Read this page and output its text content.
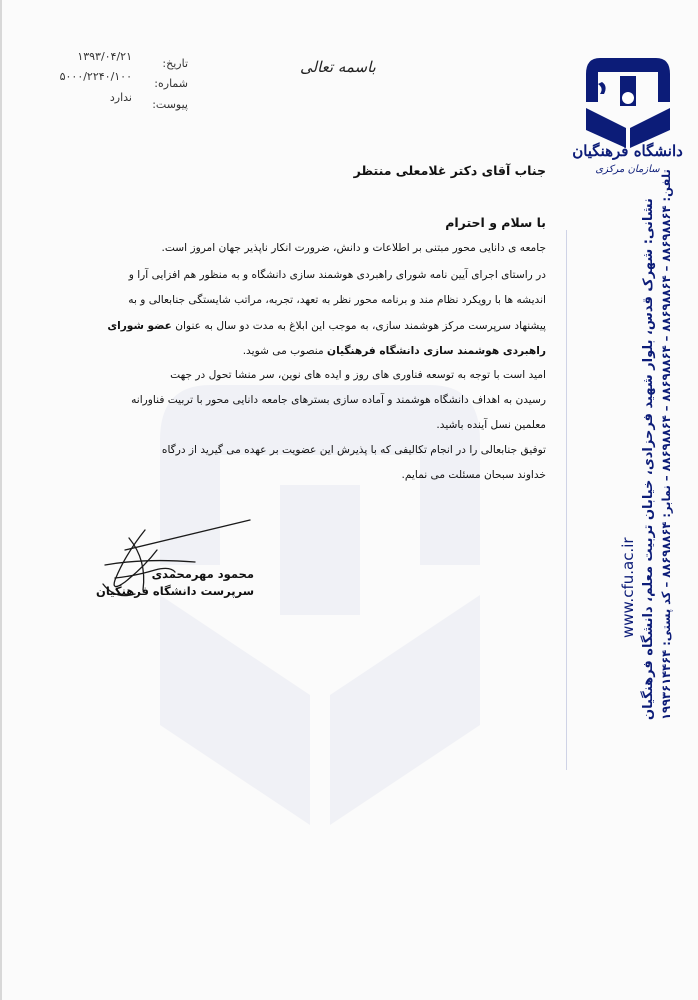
دانشگاه فرهنگیان
سازمان مرکزی
باسمه تعالی
تاریخ:
۱۳۹۳/۰۴/۲۱
شماره:
۵۰۰۰/۲۲۴۰/۱۰۰
پیوست:
ندارد
جناب آقای دکتر غلامعلی منتظر
با سلام و احترام
جامعه ی دانایی محور مبتنی بر اطلاعات و دانش، ضرورت انکار ناپذیر جهان امروز است.
در راستای اجرای آیین نامه شورای راهبردی هوشمند سازی دانشگاه و به منظور هم افزایی آرا و
اندیشه ها با رویکرد نظام مند و برنامه محور نظر به تعهد، تجربه، مراتب شایستگی جنابعالی و به
پیشنهاد سرپرست مرکز هوشمند سازی، به موجب این ابلاغ به مدت دو سال به عنوان عضو شورای
راهبردی هوشمند سازی دانشگاه فرهنگیان منصوب می شوید.
امید است با توجه به توسعه فناوری های روز و ایده های نوین، سر منشا تحول در جهت
رسیدن به اهداف دانشگاه هوشمند و آماده سازی بسترهای جامعه دانایی محور با تربیت فناورانه
معلمین نسل آینده باشید.
توفیق جنابعالی را در انجام تکالیفی که با پذیرش این عضویت بر عهده می گیرید از درگاه
خداوند سبحان مسئلت می نمایم.
محمود مهرمحمدی
سرپرست دانشگاه فرهنگیان	نشانی: شهرک قدس، بلوار شهید فرحزادی، خیابان تربیت معلم، دانشگاه فرهنگیان تلفن: ۸۸۶۹۸۸۶۴ – ۸۸۶۹۸۸۶۴ – ۸۸۶۹۸۸۶۴ – ۸۸۶۹۸۸۶۴ – نمابر: ۸۸۶۹۸۸۶۴ – کد پستی: ۱۹۹۳۶۱۴۴۶۴
www.cfu.ac.ir
